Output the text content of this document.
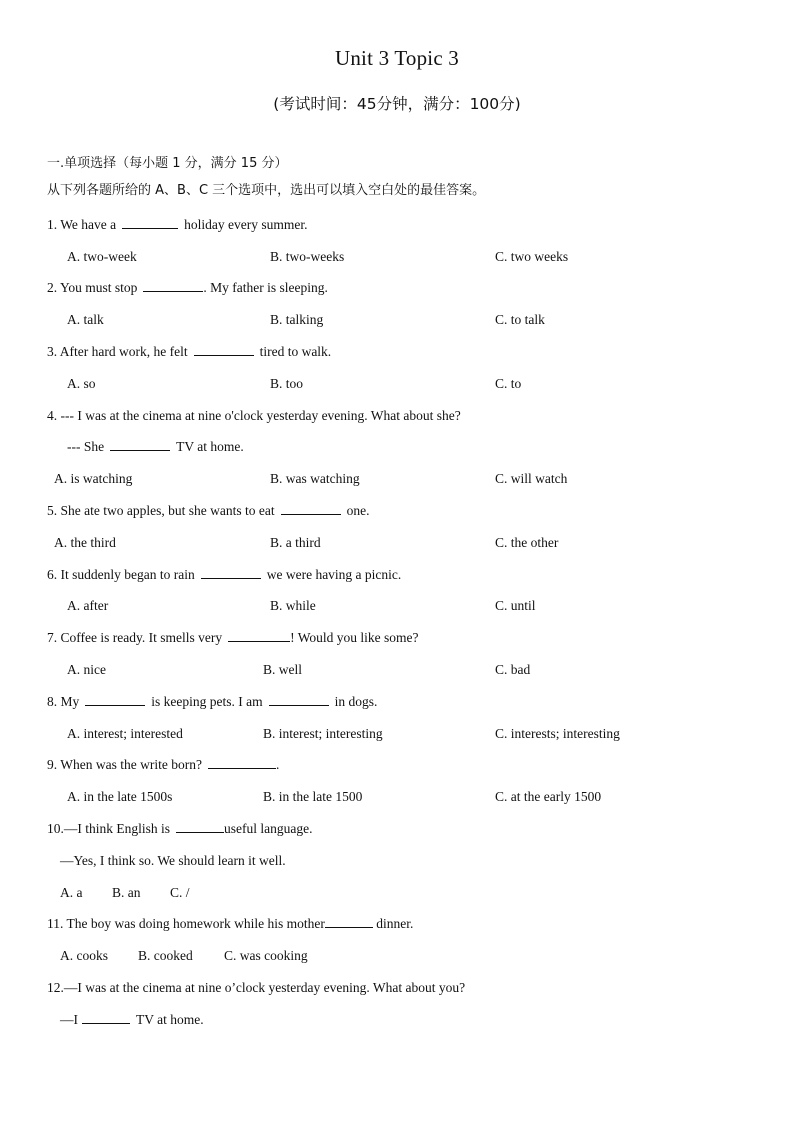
Unit 3 Topic 3
(考试时间：45分钟，满分：100分)
一.单项选择（每小题 1 分，满分 15 分）
从下列各题所给的 A、B、C 三个选项中，选出可以填入空白处的最佳答案。
1. We have a	holiday every summer.
A. two-week	B. two-weeks	C. two weeks
2. You must stop	. My father is sleeping.
A. talk	B. talking	C. to talk
3. After hard work, he felt	tired to walk.
A. so	B. too	C. to
4. --- I was at the cinema at nine o'clock yesterday evening. What about she?
--- She	TV at home.
A. is watching	B. was watching	C. will watch
5. She ate two apples, but she wants to eat	one.
A. the third	B. a third	C. the other
6. It suddenly began to rain	we were having a picnic.
A. after	B. while	C. until
7. Coffee is ready. It smells very	! Would you like some?
A. nice	B. well	C. bad
8. My	is keeping pets. I am	in dogs.
A. interest; interested	B. interest; interesting	C. interests; interesting
9. When was the write born?	.
A. in the late 1500s	B. in the late 1500	C. at the early 1500
10.—I think English is	useful language.
—Yes, I think so. We should learn it well.
A. a B. an C. /
11. The boy was doing homework while his mother	dinner.
A. cooks B. cooked C. was cooking
12.—I was at the cinema at nine o’clock yesterday evening. What about you?
—I	TV at home.
